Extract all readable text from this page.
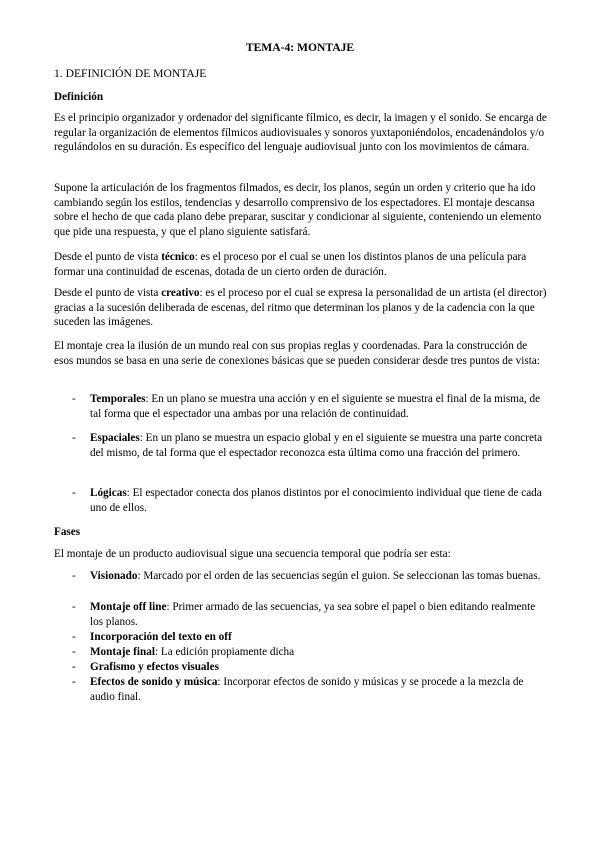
TEMA-4: MONTAJE
1. DEFINICIÓN DE MONTAJE
Definición

Es el principio organizador y ordenador del significante fílmico, es decir, la imagen y el sonido. Se encarga de regular la organización de elementos fílmicos audiovisuales y sonoros yuxtaponiéndolos, encadenándolos y/o regulándolos en su duración. Es específico del lenguaje audiovisual junto con los movimientos de cámara.

Supone la articulación de los fragmentos filmados, es decir, los planos, según un orden y criterio que ha ido cambiando según los estilos, tendencias y desarrollo comprensivo de los espectadores. El montaje descansa sobre el hecho de que cada plano debe preparar, suscitar y condicionar al siguiente, conteniendo un elemento que pide una respuesta, y que el plano siguiente satisfará.

Desde el punto de vista técnico: es el proceso por el cual se unen los distintos planos de una película para formar una continuidad de escenas, dotada de un cierto orden de duración.

Desde el punto de vista creativo: es el proceso por el cual se expresa la personalidad de un artista (el director) gracias a la sucesión deliberada de escenas, del ritmo que determinan los planos y de la cadencia con la que suceden las imágenes.

El montaje crea la ilusión de un mundo real con sus propias reglas y coordenadas. Para la construcción de esos mundos se basa en una serie de conexiones básicas que se pueden considerar desde tres puntos de vista:

- Temporales: En un plano se muestra una acción y en el siguiente se muestra el final de la misma, de tal forma que el espectador una ambas por una relación de continuidad.
- Espaciales: En un plano se muestra un espacio global y en el siguiente se muestra una parte concreta del mismo, de tal forma que el espectador reconozca esta última como una fracción del primero.
- Lógicas: El espectador conecta dos planos distintos por el conocimiento individual que tiene de cada uno de ellos.
Fases

El montaje de un producto audiovisual sigue una secuencia temporal que podría ser esta:

- Visionado: Marcado por el orden de las secuencias según el guion. Se seleccionan las tomas buenas.
- Montaje off line: Primer armado de las secuencias, ya sea sobre el papel o bien editando realmente los planos.
- Incorporación del texto en off
- Montaje final: La edición propiamente dicha
- Grafismo y efectos visuales
- Efectos de sonido y música: Incorporar efectos de sonido y músicas y se procede a la mezcla de audio final.
